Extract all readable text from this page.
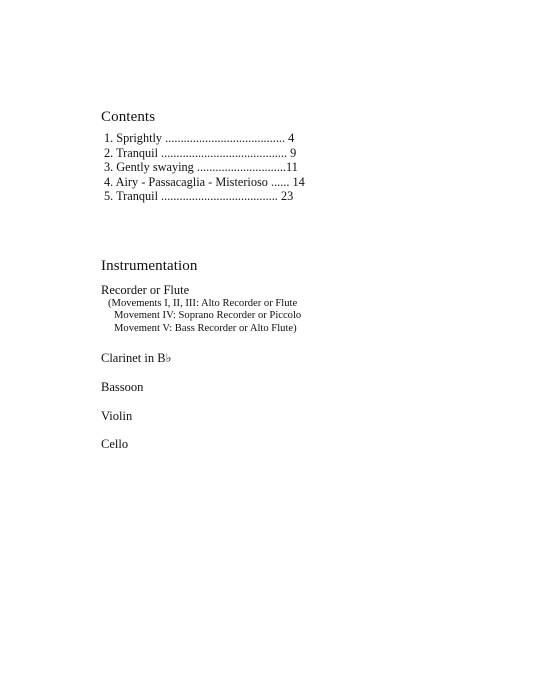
Contents
1. Sprightly ....................................... 4
2. Tranquil ......................................... 9
3. Gently swaying .............................11
4. Airy - Passacaglia - Misterioso ...... 14
5. Tranquil ...................................... 23
Instrumentation

Recorder or Flute

(Movements I, II, III: Alto Recorder or Flute
Movement IV: Soprano Recorder or Piccolo
Movement V: Bass Recorder or Alto Flute)

Clarinet in B♭

Bassoon

Violin

Cello
